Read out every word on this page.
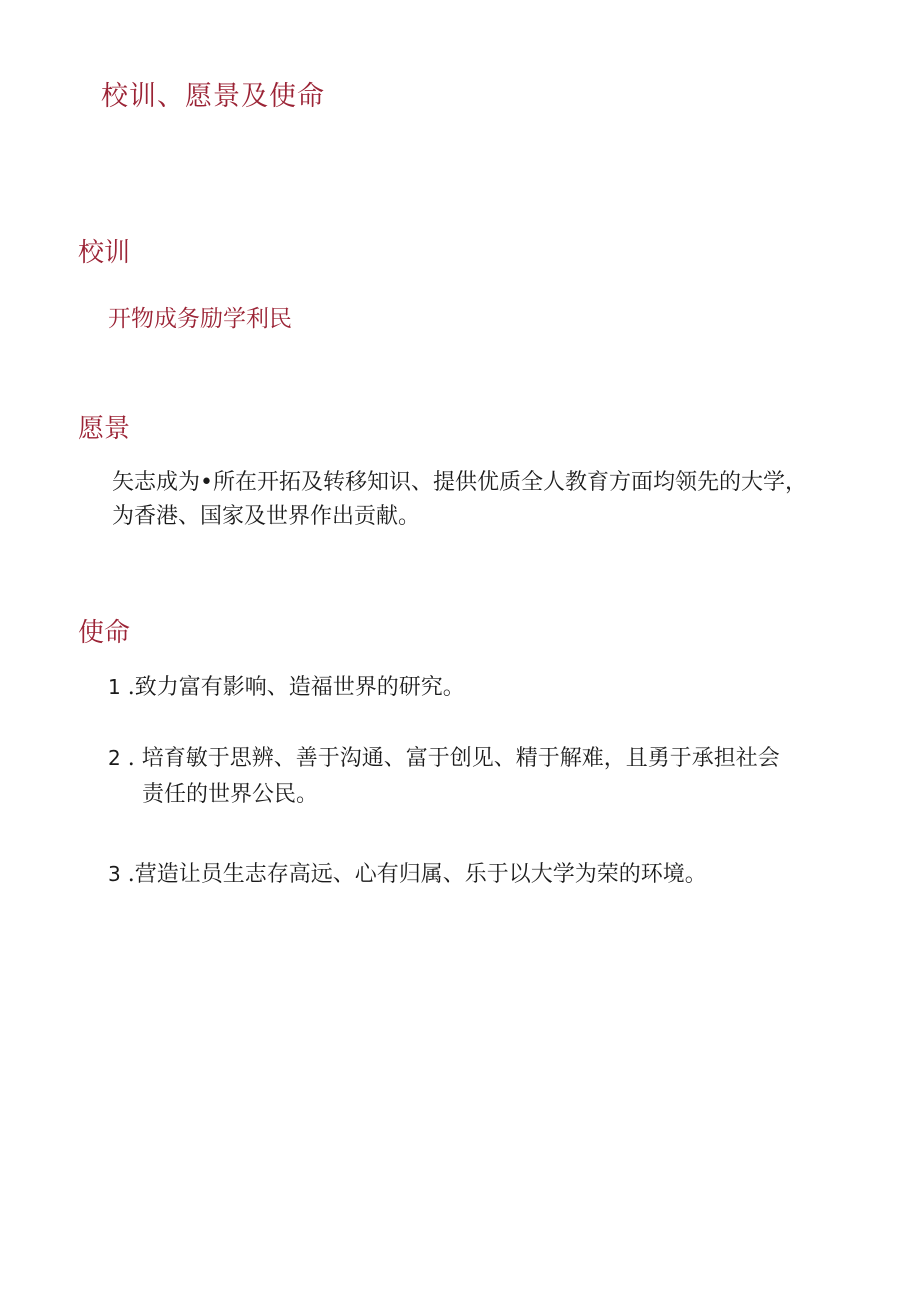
校训、愿景及使命
校训
开物成务励学利民
愿景
矢志成为•所在开拓及转移知识、提供优质全人教育方面均领先的大学，为香港、国家及世界作出贡献。
使命
1 .致力富有影响、造福世界的研究。
2 . 培育敏于思辨、善于沟通、富于创见、精于解难，且勇于承担社会
责任的世界公民。
3 .营造让员生志存高远、心有归属、乐于以大学为荣的环境。
